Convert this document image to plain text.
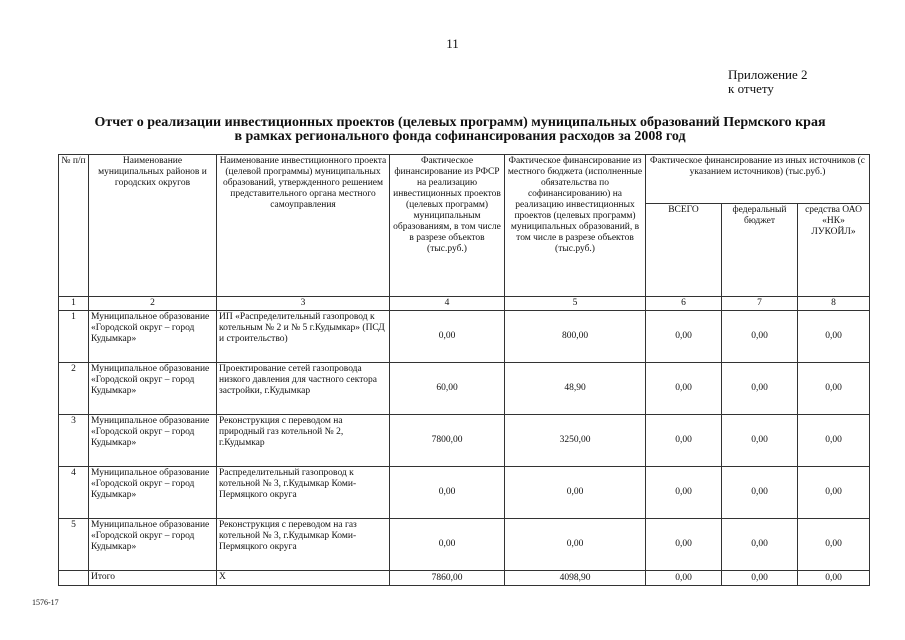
11
Приложение 2
к отчету
Отчет о реализации инвестиционных проектов (целевых программ) муниципальных образований Пермского края
в рамках регионального фонда софинансирования расходов за 2008 год
№ п/п	Наименование муниципальных районов и городских округов	Наименование инвестиционного проекта (целевой программы) муниципальных образований, утвержденного решением представительного органа местного самоуправления	Фактическое финансирование из РФСР на реализацию инвестиционных проектов (целевых программ) муниципальным образованиям, в том числе в разрезе объектов (тыс.руб.)	Фактическое финансирование из местного бюджета (исполненные обязательства по софинансированию) на реализацию инвестиционных проектов (целевых программ) муниципальных образований, в том числе в разрезе объектов (тыс.руб.)	Фактическое финансирование из иных источников (с указанием источников) (тыс.руб.)		
					ВСЕГО	федеральный бюджет	средства ОАО «НК» ЛУКОЙЛ»
1	2	3	4	5	6	7	8
1	Муниципальное образование «Городской округ – город Кудымкар»	ИП «Распределительный газопровод к котельным № 2 и № 5 г.Кудымкар» (ПСД и строительство)	0,00	800,00	0,00	0,00	0,00
2	Муниципальное образование «Городской округ – город Кудымкар»	Проектирование сетей газопровода низкого давления для частного сектора застройки, г.Кудымкар	60,00	48,90	0,00	0,00	0,00
3	Муниципальное образование «Городской округ – город Кудымкар»	Реконструкция с переводом на природный газ котельной № 2, г.Кудымкар	7800,00	3250,00	0,00	0,00	0,00
4	Муниципальное образование «Городской округ – город Кудымкар»	Распределительный газопровод к котельной № 3, г.Кудымкар Коми-Пермяцкого округа	0,00	0,00	0,00	0,00	0,00
5	Муниципальное образование «Городской округ – город Кудымкар»	Реконструкция с переводом на газ котельной № 3, г.Кудымкар Коми-Пермяцкого округа	0,00	0,00	0,00	0,00	0,00
	Итого	Х	7860,00	4098,90	0,00	0,00	0,00
1576-17
